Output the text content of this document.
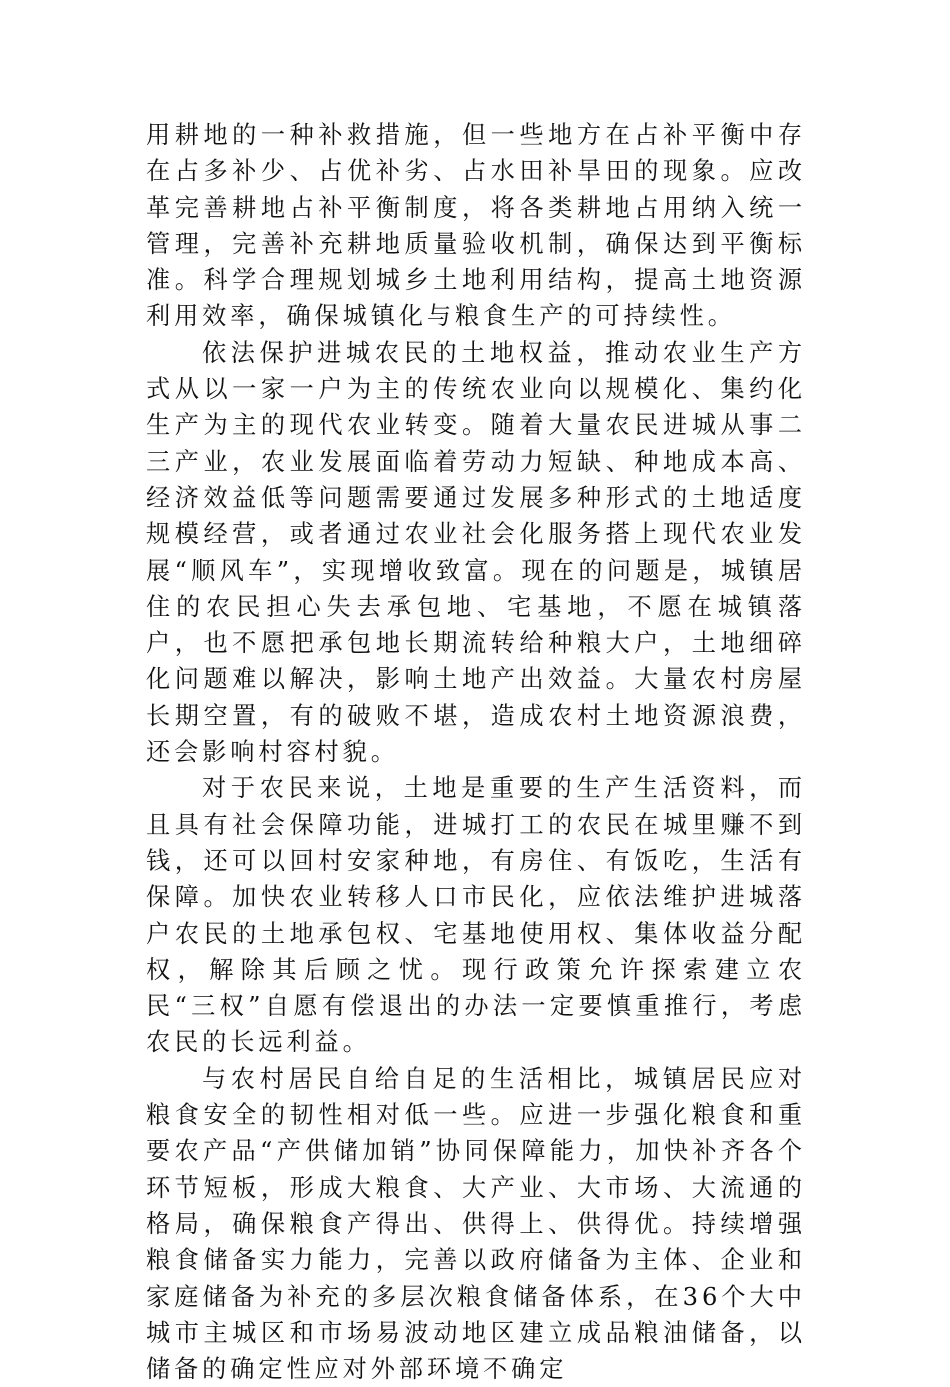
用耕地的一种补救措施，但一些地方在占补平衡中存在占多补少、占优补劣、占水田补旱田的现象。应改革完善耕地占补平衡制度，将各类耕地占用纳入统一管理，完善补充耕地质量验收机制，确保达到平衡标准。科学合理规划城乡土地利用结构，提高土地资源利用效率，确保城镇化与粮食生产的可持续性。

依法保护进城农民的土地权益，推动农业生产方式从以一家一户为主的传统农业向以规模化、集约化生产为主的现代农业转变。随着大量农民进城从事二三产业，农业发展面临着劳动力短缺、种地成本高、经济效益低等问题需要通过发展多种形式的土地适度规模经营，或者通过农业社会化服务搭上现代农业发展“顺风车”，实现增收致富。现在的问题是，城镇居住的农民担心失去承包地、宅基地，不愿在城镇落户，也不愿把承包地长期流转给种粮大户，土地细碎化问题难以解决，影响土地产出效益。大量农村房屋长期空置，有的破败不堪，造成农村土地资源浪费，还会影响村容村貌。

对于农民来说，土地是重要的生产生活资料，而且具有社会保障功能，进城打工的农民在城里赚不到钱，还可以回村安家种地，有房住、有饭吃，生活有保障。加快农业转移人口市民化，应依法维护进城落户农民的土地承包权、宅基地使用权、集体收益分配权，解除其后顾之忧。现行政策允许探索建立农民“三权”自愿有偿退出的办法一定要慎重推行，考虑农民的长远利益。

与农村居民自给自足的生活相比，城镇居民应对粮食安全的韧性相对低一些。应进一步强化粮食和重要农产品“产供储加销”协同保障能力，加快补齐各个环节短板，形成大粮食、大产业、大市场、大流通的格局，确保粮食产得出、供得上、供得优。持续增强粮食储备实力能力，完善以政府储备为主体、企业和家庭储备为补充的多层次粮食储备体系，在36个大中城市主城区和市场易波动地区建立成品粮油储备，以储备的确定性应对外部环境不确定
